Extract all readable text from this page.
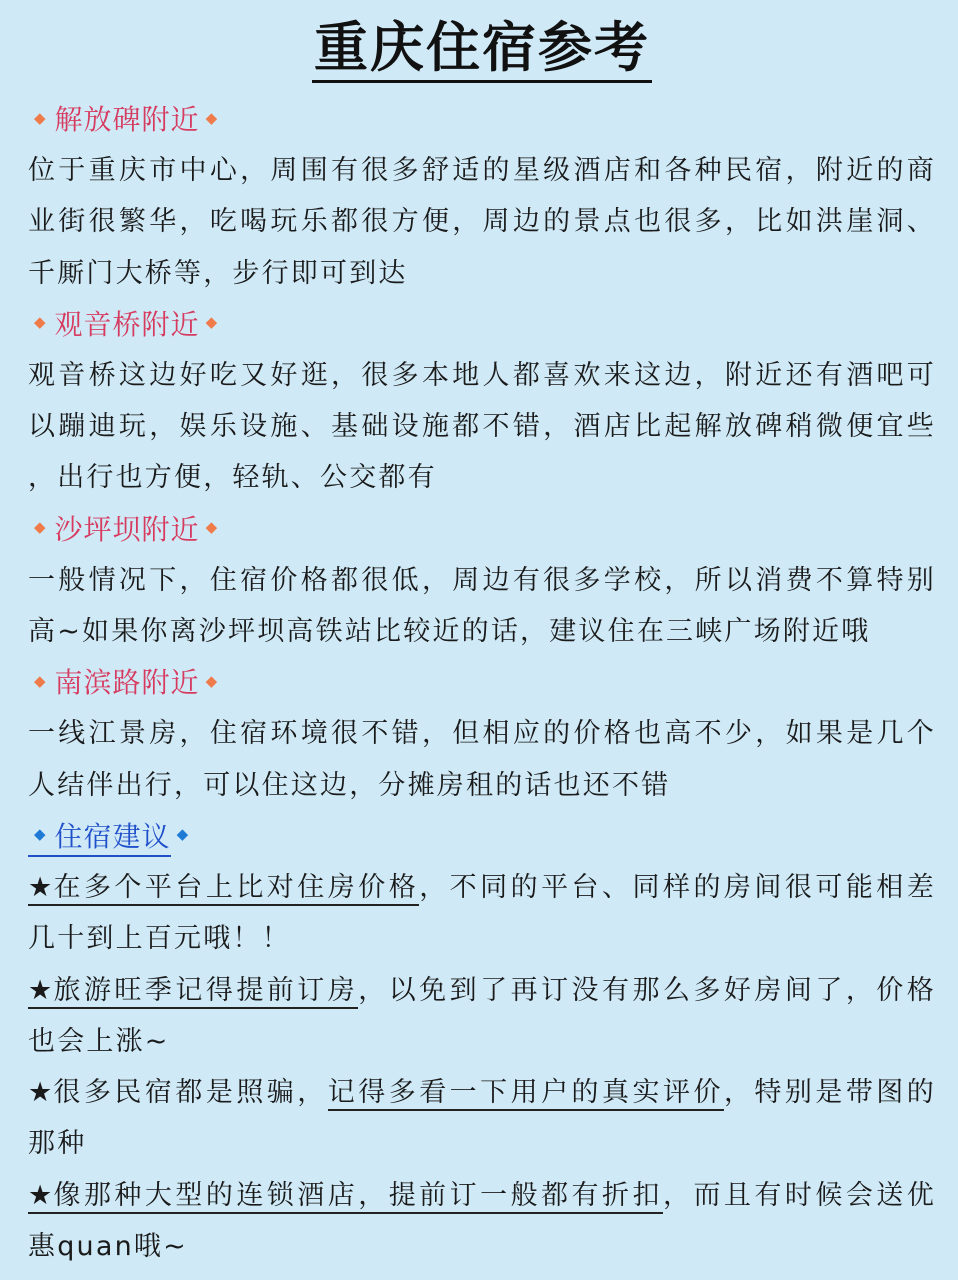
重庆住宿参考
◆ 解放碑附近 ◆

位于重庆市中心，周围有很多舒适的星级酒店和各种民宿，附近的商
业街很繁华，吃喝玩乐都很方便，周边的景点也很多，比如洪崖洞、
千厮门大桥等，步行即可到达

◆ 观音桥附近 ◆

观音桥这边好吃又好逛，很多本地人都喜欢来这边，附近还有酒吧可
以蹦迪玩，娱乐设施、基础设施都不错，酒店比起解放碑稍微便宜些
，出行也方便，轻轨、公交都有

◆ 沙坪坝附近 ◆

一般情况下，住宿价格都很低，周边有很多学校，所以消费不算特别
高~如果你离沙坪坝高铁站比较近的话，建议住在三峡广场附近哦

◆ 南滨路附近 ◆

一线江景房，住宿环境很不错，但相应的价格也高不少，如果是几个
人结伴出行，可以住这边，分摊房租的话也还不错

◆ 住宿建议 ◆

★在多个平台上比对住房价格，不同的平台、同样的房间很可能相差
几十到上百元哦！！

★旅游旺季记得提前订房，以免到了再订没有那么多好房间了，价格
也会上涨~

★很多民宿都是照骗，记得多看一下用户的真实评价，特别是带图的
那种

★像那种大型的连锁酒店，提前订一般都有折扣，而且有时候会送优
惠quan哦~
